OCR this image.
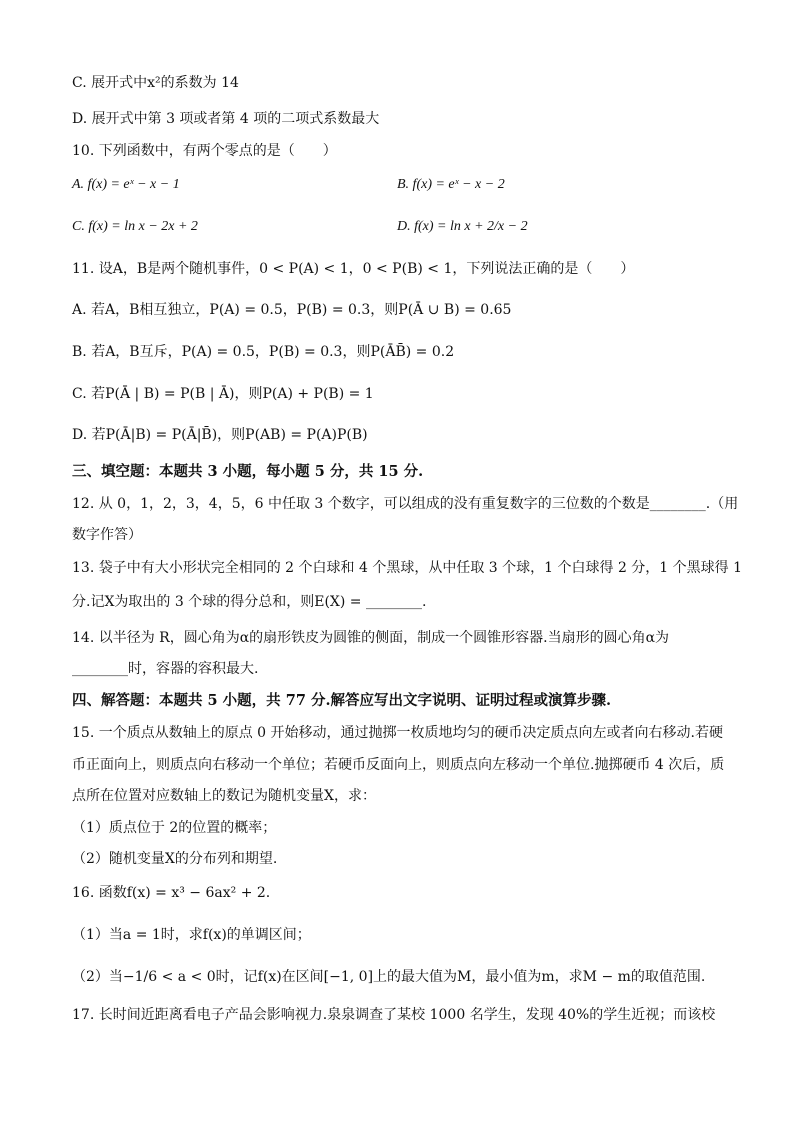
C. 展开式中x²的系数为 14
D. 展开式中第 3 项或者第 4 项的二项式系数最大
10. 下列函数中，有两个零点的是（　　）
A. f(x) = eˣ − x − 1	B. f(x) = eˣ − x − 2
C. f(x) = ln x − 2x + 2	D. f(x) = ln x + 2/x − 2
11. 设A，B是两个随机事件，0 < P(A) < 1，0 < P(B) < 1，下列说法正确的是（　　）
A. 若A，B相互独立，P(A) = 0.5，P(B) = 0.3，则P(Ā ∪ B) = 0.65
B. 若A，B互斥，P(A) = 0.5，P(B) = 0.3，则P(ĀB̄) = 0.2
C. 若P(Ā | B) = P(B | Ā)，则P(A) + P(B) = 1
D. 若P(Ā|B) = P(Ā|B̄)，则P(AB) = P(A)P(B)
三、填空题：本题共 3 小题，每小题 5 分，共 15 分.
12. 从 0，1，2，3，4，5，6 中任取 3 个数字，可以组成的没有重复数字的三位数的个数是________.（用
数字作答）
13. 袋子中有大小形状完全相同的 2 个白球和 4 个黑球，从中任取 3 个球，1 个白球得 2 分，1 个黑球得 1
分.记X为取出的 3 个球的得分总和，则E(X) = ________.
14. 以半径为 R，圆心角为α的扇形铁皮为圆锥的侧面，制成一个圆锥形容器.当扇形的圆心角α为
________时，容器的容积最大.
四、解答题：本题共 5 小题，共 77 分.解答应写出文字说明、证明过程或演算步骤.
15. 一个质点从数轴上的原点 0 开始移动，通过抛掷一枚质地均匀的硬币决定质点向左或者向右移动.若硬
币正面向上，则质点向右移动一个单位；若硬币反面向上，则质点向左移动一个单位.抛掷硬币 4 次后，质
点所在位置对应数轴上的数记为随机变量X，求：
（1）质点位于 2的位置的概率；
（2）随机变量X的分布列和期望.
16. 函数f(x) = x³ − 6ax² + 2.
（1）当a = 1时，求f(x)的单调区间；
（2）当−1/6 < a < 0时，记f(x)在区间[−1, 0]上的最大值为M，最小值为m，求M − m的取值范围.
17. 长时间近距离看电子产品会影响视力.泉泉调查了某校 1000 名学生，发现 40%的学生近视；而该校
